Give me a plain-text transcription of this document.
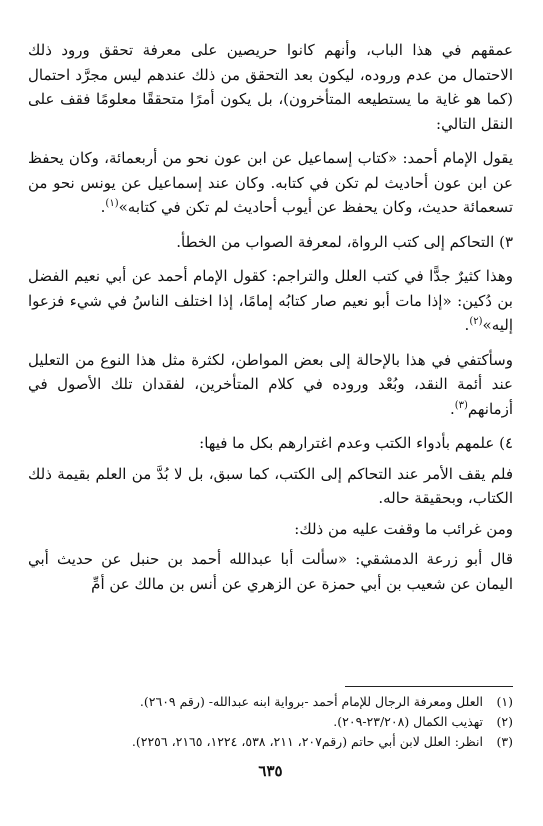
عمقهم في هذا الباب، وأنهم كانوا حريصين على معرفة تحقق ورود ذلك الاحتمال من عدم وروده، ليكون بعد التحقق من ذلك عندهم ليس مجرَّد احتمال (كما هو غاية ما يستطيعه المتأخرون)، بل يكون أمرًا متحققًا معلومًا فقف على النقل التالي:

يقول الإمام أحمد: «كتاب إسماعيل عن ابن عون نحو من أربعمائة، وكان يحفظ عن ابن عون أحاديث لم تكن في كتابه. وكان عند إسماعيل عن يونس نحو من تسعمائة حديث، وكان يحفظ عن أيوب أحاديث لم تكن في كتابه»$^{(١)}$.

٣) التحاكم إلى كتب الرواة، لمعرفة الصواب من الخطأ.

وهذا كثيرٌ جدًّا في كتب العلل والتراجم: كقول الإمام أحمد عن أبي نعيم الفضل بن دُكين: «إذا مات أبو نعيم صار كتابُه إمامًا، إذا اختلف الناسُ في شيء فزعوا إليه»$^{(٢)}$.

وسأكتفي في هذا بالإحالة إلى بعض المواطن، لكثرة مثل هذا النوع من التعليل عند أئمة النقد، وبُعْد وروده في كلام المتأخرين، لفقدان تلك الأصول في أزمانهم$^{(٣)}$.

٤) علمهم بأدواء الكتب وعدم اغترارهم بكل ما فيها:

فلم يقف الأمر عند التحاكم إلى الكتب، كما سبق، بل لا بُدَّ من العلم بقيمة ذلك الكتاب، وبحقيقة حاله.

ومن غرائب ما وقفت عليه من ذلك:

قال أبو زرعة الدمشقي: «سألت أبا عبدالله أحمد بن حنبل عن حديث أبي اليمان عن شعيب بن أبي حمزة عن الزهري عن أنس بن مالك عن أمِّ

(١) العلل ومعرفة الرجال للإمام أحمد -برواية ابنه عبدالله- (رقم ٢٦٠٩).

(٢) تهذيب الكمال (٢٣/٢٠٨-٢٠٩).

(٣) انظر: العلل لابن أبي حاتم (رقم٢٠٧، ٢١١، ٥٣٨، ١٢٢٤، ٢١٦٥، ٢٢٥٦).

٦٣٥
